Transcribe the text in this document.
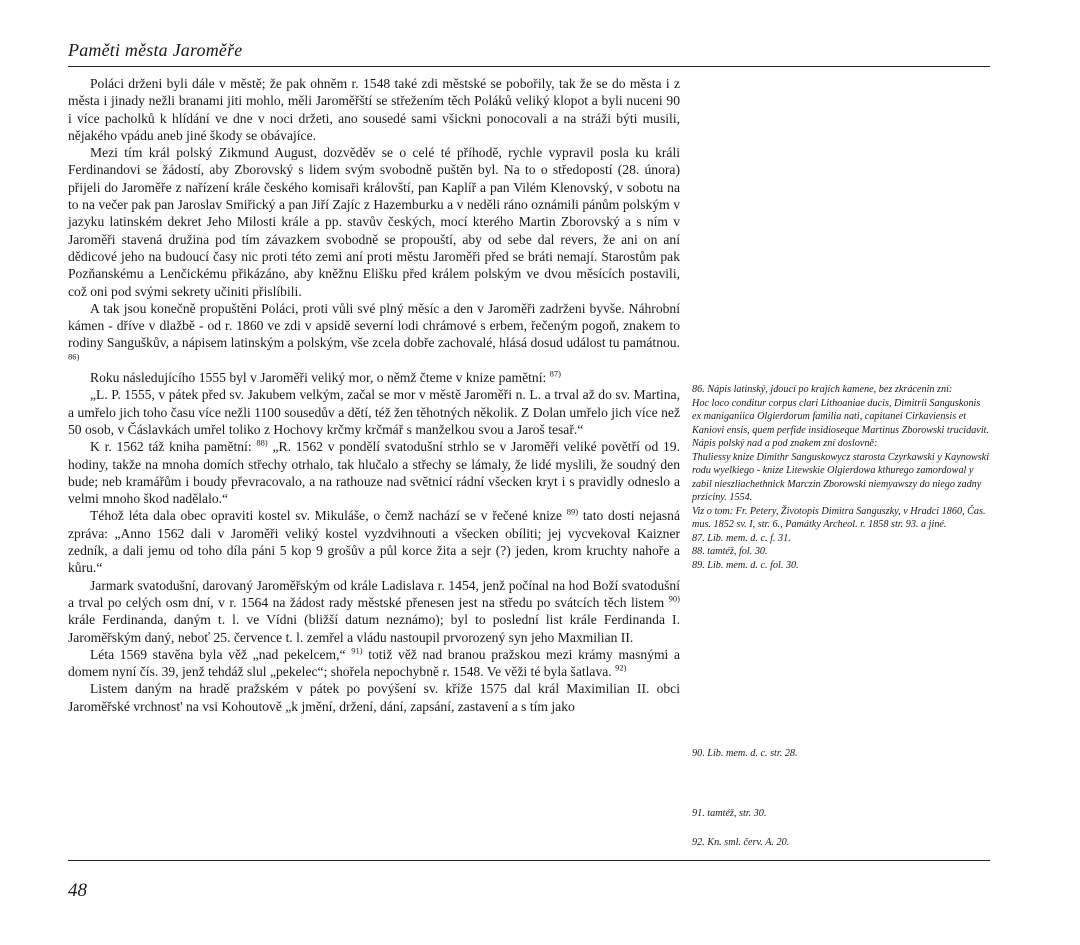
Paměti města Jaroměře

Poláci drženi byli dále v městě; že pak ohněm r. 1548 také zdi městské se pobořily, tak že se do města i z města i jinady nežli branami jiti mohlo, měli Jaroměřští se střežením těch Poláků veliký klopot a byli nuceni 90 i více pacholků k hlídání ve dne v noci držeti, ano sousedé sami všickni ponocovali a na stráži býti musili, nějakého vpádu aneb jiné škody se obávajíce.

Mezi tím král polský Zikmund August, dozvěděv se o celé té příhodě, rychle vypravil posla ku králi Ferdinandovi se žádostí, aby Zborovský s lidem svým svobodně puštěn byl. Na to o středopostí (28. února) přijeli do Jaroměře z nařízení krále českého komisaři královští, pan Kaplíř a pan Vilém Klenovský, v sobotu na to na večer pak pan Jaroslav Smiřický a pan Jiří Zajíc z Hazemburku a v neděli ráno oznámili pánům polským v jazyku latinském dekret Jeho Milosti krále a pp. stavův českých, mocí kterého Martin Zborovský a s ním v Jaroměři stavená družina pod tím závazkem svobodně se propouští, aby od sebe dal revers, že ani on aní dědicové jeho na budoucí časy nic proti této zemi aní proti městu Jaroměři před se bráti nemají. Starostům pak Pozňanskému a Lenčickému přikázáno, aby kněžnu Elišku před králem polským ve dvou měsících postavili, což oni pod svými sekrety učiniti přislíbili.

A tak jsou konečně propuštěni Poláci, proti vůli své plný měsíc a den v Jaroměři zadrženi byvše. Náhrobní kámen - dříve v dlažbě - od r. 1860 ve zdi v apsidě severní lodi chrámové s erbem, řečeným pogoň, znakem to rodiny Sanguškův, a nápisem latinským a polským, vše zcela dobře zachovalé, hlásá dosud událost tu památnou. $^{86)}$

Roku následujícího 1555 byl v Jaroměři veliký mor, o němž čteme v knize pamětní: $^{87)}$

„L. P. 1555, v pátek před sv. Jakubem velkým, začal se mor v městě Jaroměři n. L. a trval až do sv. Martina, a umřelo jich toho času více nežli 1100 sousedův a dětí, též žen těhotných několik. Z Dolan umřelo jich více než 50 osob, v Čáslavkách umřel toliko z Hochovy krčmy krčmář s manželkou svou a Jaroš tesař.“

K r. 1562 táž kniha pamětní: $^{88)}$ „R. 1562 v pondělí svatodušní strhlo se v Jaroměři veliké povětří od 19. hodiny, takže na mnoha domích střechy otrhalo, tak hlučalo a střechy se lámaly, že lidé myslili, že soudný den bude; neb kramářům i boudy převracovalo, a na rathouze nad světnicí rádní všecken kryt i s pravidly odneslo a velmi mnoho škod nadělalo.“

Téhož léta dala obec opraviti kostel sv. Mikuláše, o čemž nachází se v řečené knize $^{89)}$ tato dosti nejasná zpráva: „Anno 1562 dali v Jaroměři veliký kostel vyzdvihnouti a všecken obíliti; jej vycvekoval Kaizner zedník, a dali jemu od toho díla páni 5 kop 9 grošův a půl korce žita a sejr (?) jeden, krom kruchty nahoře a kůru.“

Jarmark svatodušní, darovaný Jaroměřským od krále Ladislava r. 1454, jenž počínal na hod Boží svatodušní a trval po celých osm dní, v r. 1564 na žádost rady městské přenesen jest na středu po svátcích těch listem $^{90)}$ krále Ferdinanda, daným t. l. ve Vídni (bližší datum neznámo); byl to poslední list krále Ferdinanda I. Jaroměřským daný, neboť 25. července t. l. zemřel a vládu nastoupil prvorozený syn jeho Maxmilian II.

Léta 1569 stavěna byla věž „nad pekelcem,“ $^{91)}$ totiž věž nad branou pražskou mezi krámy masnými a domem nyní čís. 39, jenž tehdáž slul „pekelec“; shořela nepochybně r. 1548. Ve věži té byla šatlava. $^{92)}$

Listem daným na hradě pražském v pátek po povýšení sv. kříže 1575 dal král Maximilian II. obci Jaroměřské vrchnost' na vsi Kohoutově „k jmění, držení, dání, zapsání, zastavení a s tím jako

86. Nápis latinský, jdoucí po krajích kamene, bez zkrácenin zní:
Hoc loco conditur corpus clari Lithoaniae ducis, Dimitrii Sanguskonis ex maniganiica Olgierdorum familia nati, capitanei Cirkaviensis et Kaniovi ensis, quem perfide insidioseque Martinus Zborowski trucidavit.
Nápis polský nad a pod znakem zní doslovně:
Thuliessy knize Dimithr Sanguskowycz starosta Czyrkawski y Kaynowski rodu wyelkiego - knize Litewskie Olgierdowa kthurego zamordowal y zabil nieszliachethnick Marczin Zborowski niemyawszy do niego zadny prziciny. 1554.
Viz o tom: Fr. Petery, Životopis Dimitra Sanguszky, v Hradci 1860, Čas. mus. 1852 sv. I, str. 6., Památky Archeol. r. 1858 str. 93. a jiné.
87. Lib. mem. d. c. f. 31.
88. tamtéž, fol. 30.
89. Lib. mem. d. c. fol. 30.
90. Lib. mem. d. c. str. 28.
91. tamtéž, str. 30.
92. Kn. sml. červ. A. 20.
48
